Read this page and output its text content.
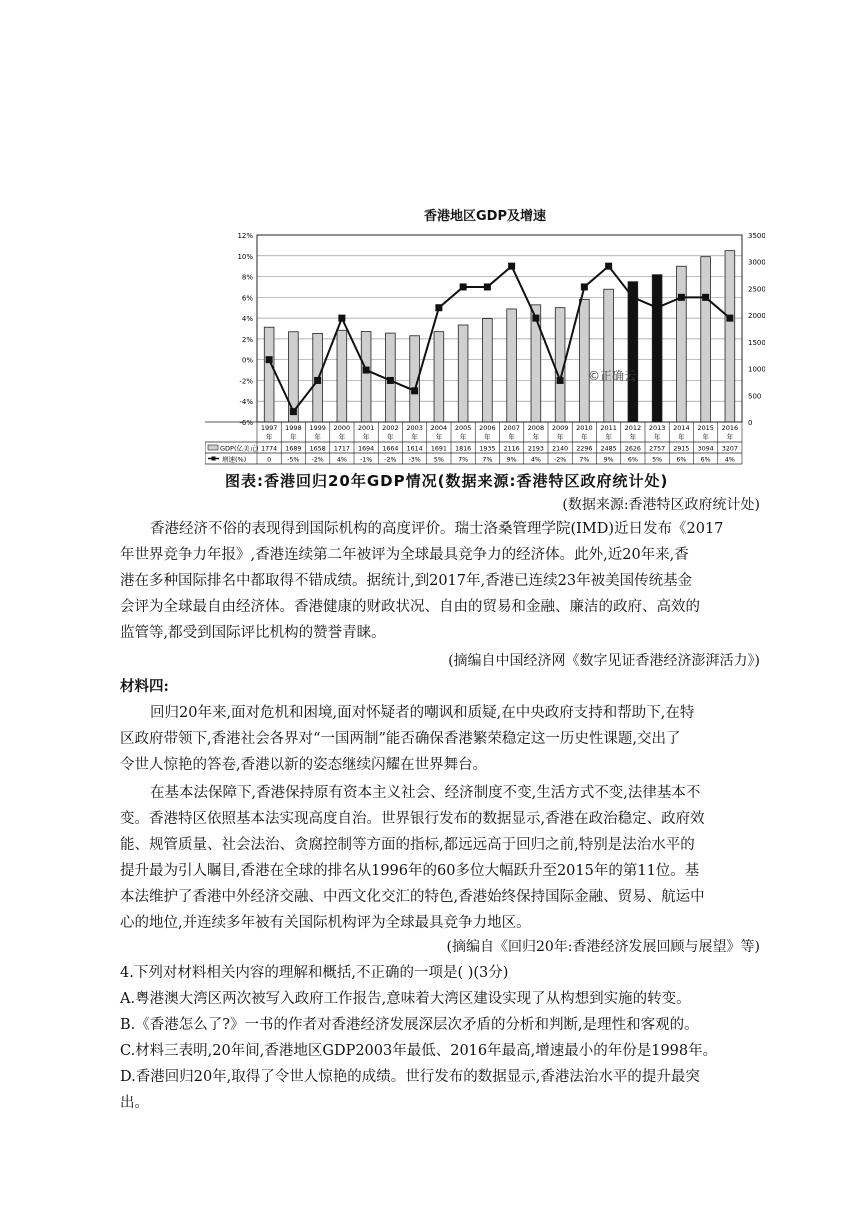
香港地区GDP及增速
12%
10%
8%
6%
4%
2%
0%
-2%
-4%
-6%
3500
3000
2500
2000
1500
1000
500
0
1997
年
1774
0
1998
年
1689
-5%
1999
年
1658
-2%
2000
年
1717
4%
2001
年
1694
-1%
2002
年
1664
-2%
2003
年
1614
-3%
2004
年
1691
5%
2005
年
1816
7%
2006
年
1935
7%
2007
年
2116
9%
2008
年
2193
4%
2009
年
2140
-2%
2010
年
2296
7%
2011
年
2485
9%
2012
年
2626
6%
2013
年
2757
5%
2014
年
2915
6%
2015
年
3094
6%
2016
年
3207
4%
GDP(亿美元)
增速(%)
©正确云
图表:香港回归20年GDP情况(数据来源:香港特区政府统计处)
(数据来源:香港特区政府统计处)
香港经济不俗的表现得到国际机构的高度评价。瑞士洛桑管理学院(IMD)近日发布《2017
年世界竞争力年报》,香港连续第二年被评为全球最具竞争力的经济体。此外,近20年来,香
港在多种国际排名中都取得不错成绩。据统计,到2017年,香港已连续23年被美国传统基金
会评为全球最自由经济体。香港健康的财政状况、自由的贸易和金融、廉洁的政府、高效的
监管等,都受到国际评比机构的赞誉青睐。
(摘编自中国经济网《数字见证香港经济澎湃活力》)
材料四:
回归20年来,面对危机和困境,面对怀疑者的嘲讽和质疑,在中央政府支持和帮助下,在特
区政府带领下,香港社会各界对“一国两制”能否确保香港繁荣稳定这一历史性课题,交出了
令世人惊艳的答卷,香港以新的姿态继续闪耀在世界舞台。
在基本法保障下,香港保持原有资本主义社会、经济制度不变,生活方式不变,法律基本不
变。香港特区依照基本法实现高度自治。世界银行发布的数据显示,香港在政治稳定、政府效
能、规管质量、社会法治、贪腐控制等方面的指标,都远远高于回归之前,特别是法治水平的
提升最为引人瞩目,香港在全球的排名从1996年的60多位大幅跃升至2015年的第11位。基
本法维护了香港中外经济交融、中西文化交汇的特色,香港始终保持国际金融、贸易、航运中
心的地位,并连续多年被有关国际机构评为全球最具竞争力地区。
(摘编自《回归20年:香港经济发展回顾与展望》等)
4.下列对材料相关内容的理解和概括,不正确的一项是( )(3分)
A.粤港澳大湾区两次被写入政府工作报告,意味着大湾区建设实现了从构想到实施的转变。
B.《香港怎么了?》一书的作者对香港经济发展深层次矛盾的分析和判断,是理性和客观的。
C.材料三表明,20年间,香港地区GDP2003年最低、2016年最高,增速最小的年份是1998年。
D.香港回归20年,取得了令世人惊艳的成绩。世行发布的数据显示,香港法治水平的提升最突
出。
